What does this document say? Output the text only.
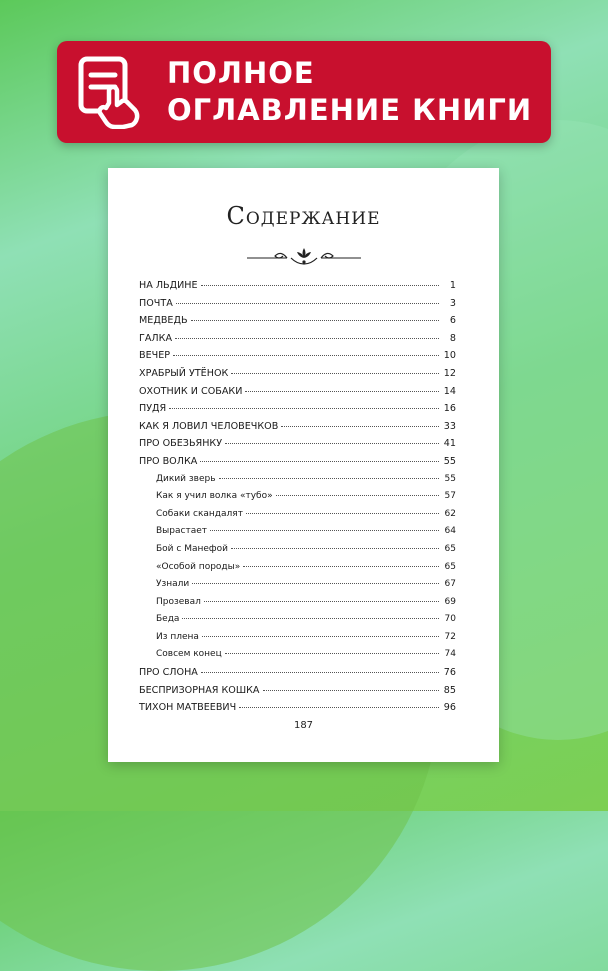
ПОЛНОЕ
ОГЛАВЛЕНИЕ КНИГИ
Содержание
НА ЛЬДИНЕ	1
ПОЧТА	3
МЕДВЕДЬ	6
ГАЛКА	8
ВЕЧЕР	10
ХРАБРЫЙ УТЁНОК	12
ОХОТНИК И СОБАКИ	14
ПУДЯ	16
КАК Я ЛОВИЛ ЧЕЛОВЕЧКОВ	33
ПРО ОБЕЗЬЯНКУ	41
ПРО ВОЛКА	55
Дикий зверь	55
Как я учил волка «тубо»	57
Собаки скандалят	62
Вырастает	64
Бой с Манефой	65
«Особой породы»	65
Узнали	67
Прозевал	69
Беда	70
Из плена	72
Совсем конец	74
ПРО СЛОНА	76
БЕСПРИЗОРНАЯ КОШКА	85
ТИХОН МАТВЕЕВИЧ	96
187
